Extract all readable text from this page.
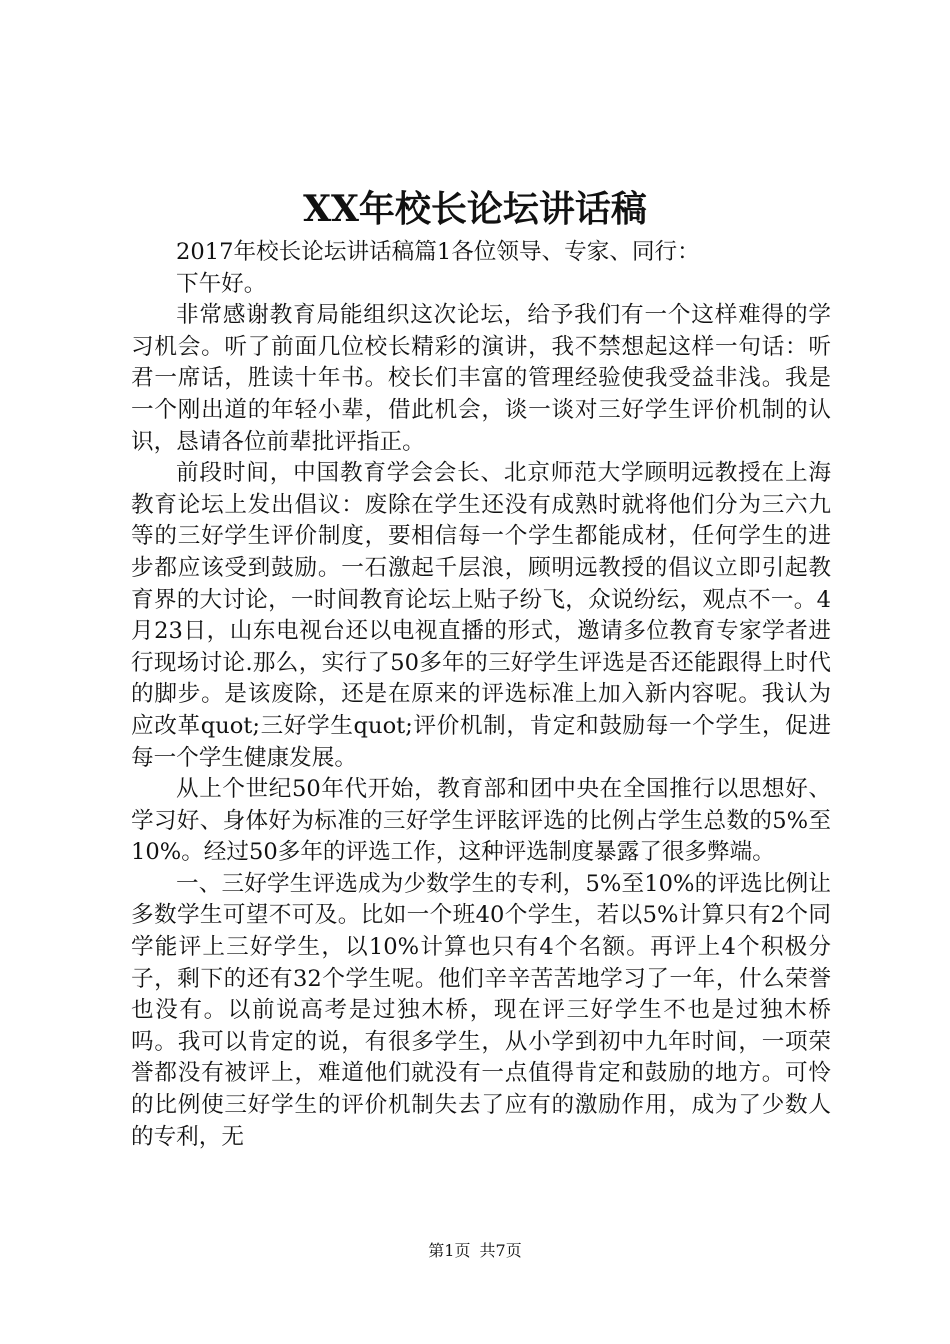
XX年校长论坛讲话稿

2017年校长论坛讲话稿篇1各位领导、专家、同行：

下午好。

非常感谢教育局能组织这次论坛，给予我们有一个这样难得的学习机会。听了前面几位校长精彩的演讲，我不禁想起这样一句话：听君一席话，胜读十年书。校长们丰富的管理经验使我受益非浅。我是一个刚出道的年轻小辈，借此机会，谈一谈对三好学生评价机制的认识，恳请各位前辈批评指正。

前段时间，中国教育学会会长、北京师范大学顾明远教授在上海教育论坛上发出倡议：废除在学生还没有成熟时就将他们分为三六九等的三好学生评价制度，要相信每一个学生都能成材，任何学生的进步都应该受到鼓励。一石激起千层浪，顾明远教授的倡议立即引起教育界的大讨论，一时间教育论坛上贴子纷飞，众说纷纭，观点不一。4月23日，山东电视台还以电视直播的形式，邀请多位教育专家学者进行现场讨论.那么，实行了50多年的三好学生评选是否还能跟得上时代的脚步。是该废除，还是在原来的评选标准上加入新内容呢。我认为应改革quot;三好学生quot;评价机制，肯定和鼓励每一个学生，促进每一个学生健康发展。

从上个世纪50年代开始，教育部和团中央在全国推行以思想好、学习好、身体好为标准的三好学生评眩评选的比例占学生总数的5%至10%。经过50多年的评选工作，这种评选制度暴露了很多弊端。

一、三好学生评选成为少数学生的专利，5%至10%的评选比例让多数学生可望不可及。比如一个班40个学生，若以5%计算只有2个同学能评上三好学生，以10%计算也只有4个名额。再评上4个积极分子，剩下的还有32个学生呢。他们辛辛苦苦地学习了一年，什么荣誉也没有。以前说高考是过独木桥，现在评三好学生不也是过独木桥吗。我可以肯定的说，有很多学生，从小学到初中九年时间，一项荣誉都没有被评上，难道他们就没有一点值得肯定和鼓励的地方。可怜的比例使三好学生的评价机制失去了应有的激励作用，成为了少数人的专利，无

第1页 共7页
